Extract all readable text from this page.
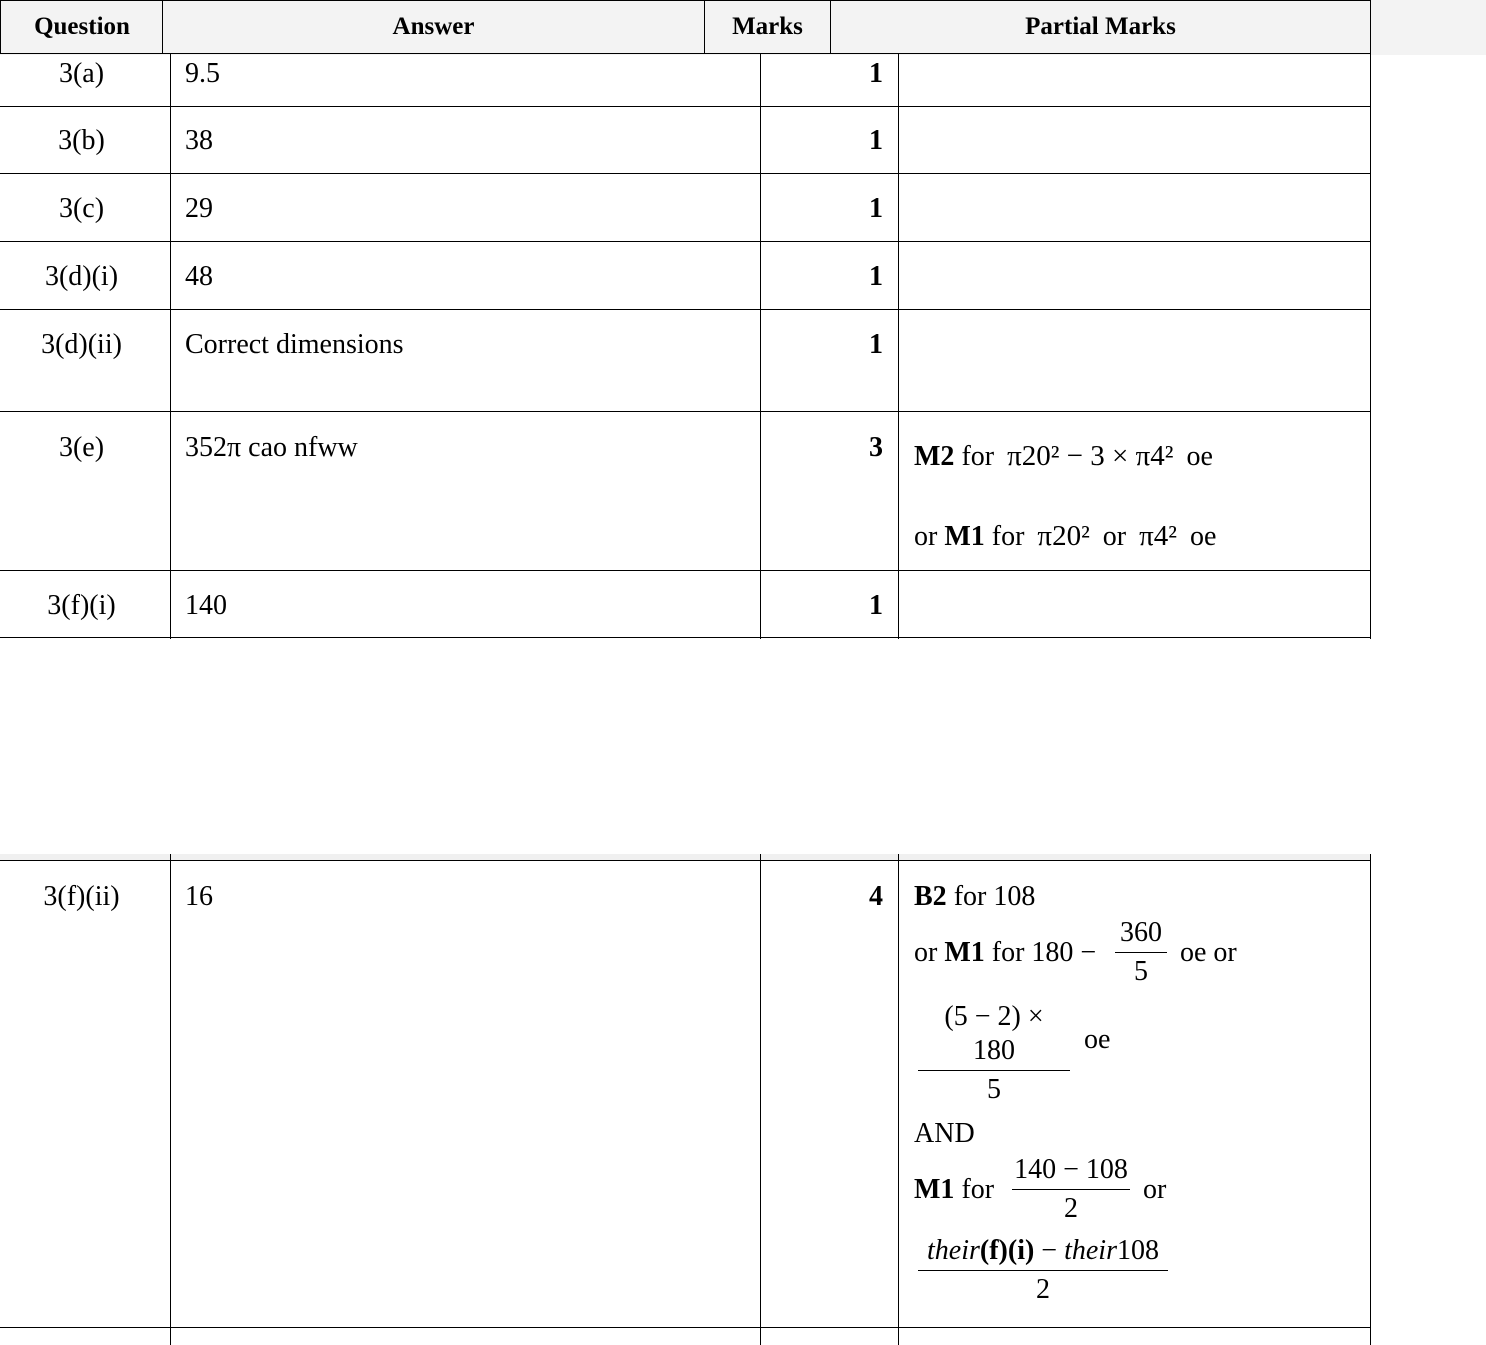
Question	Answer	Marks	Partial Marks
3(a)	9.5	1
3(b)	38	1
3(c)	29	1
3(d)(i)	48	1
3(d)(ii)	Correct dimensions	1
3(e)	352π cao nfww	3 M2 for π20² − 3 × π4² oe
or M1 for π20² or π4² oe
3(f)(i)	140	1
3(f)(ii)	16	4 B2 for 108
or M1 for $180 - \frac{360}{5}$ oe or
$\frac{(5 - 2) \times 180}{5}$ oe
AND
M1 for $\frac{140 - 108}{2}$ or
their(f)(i) − their108
2
